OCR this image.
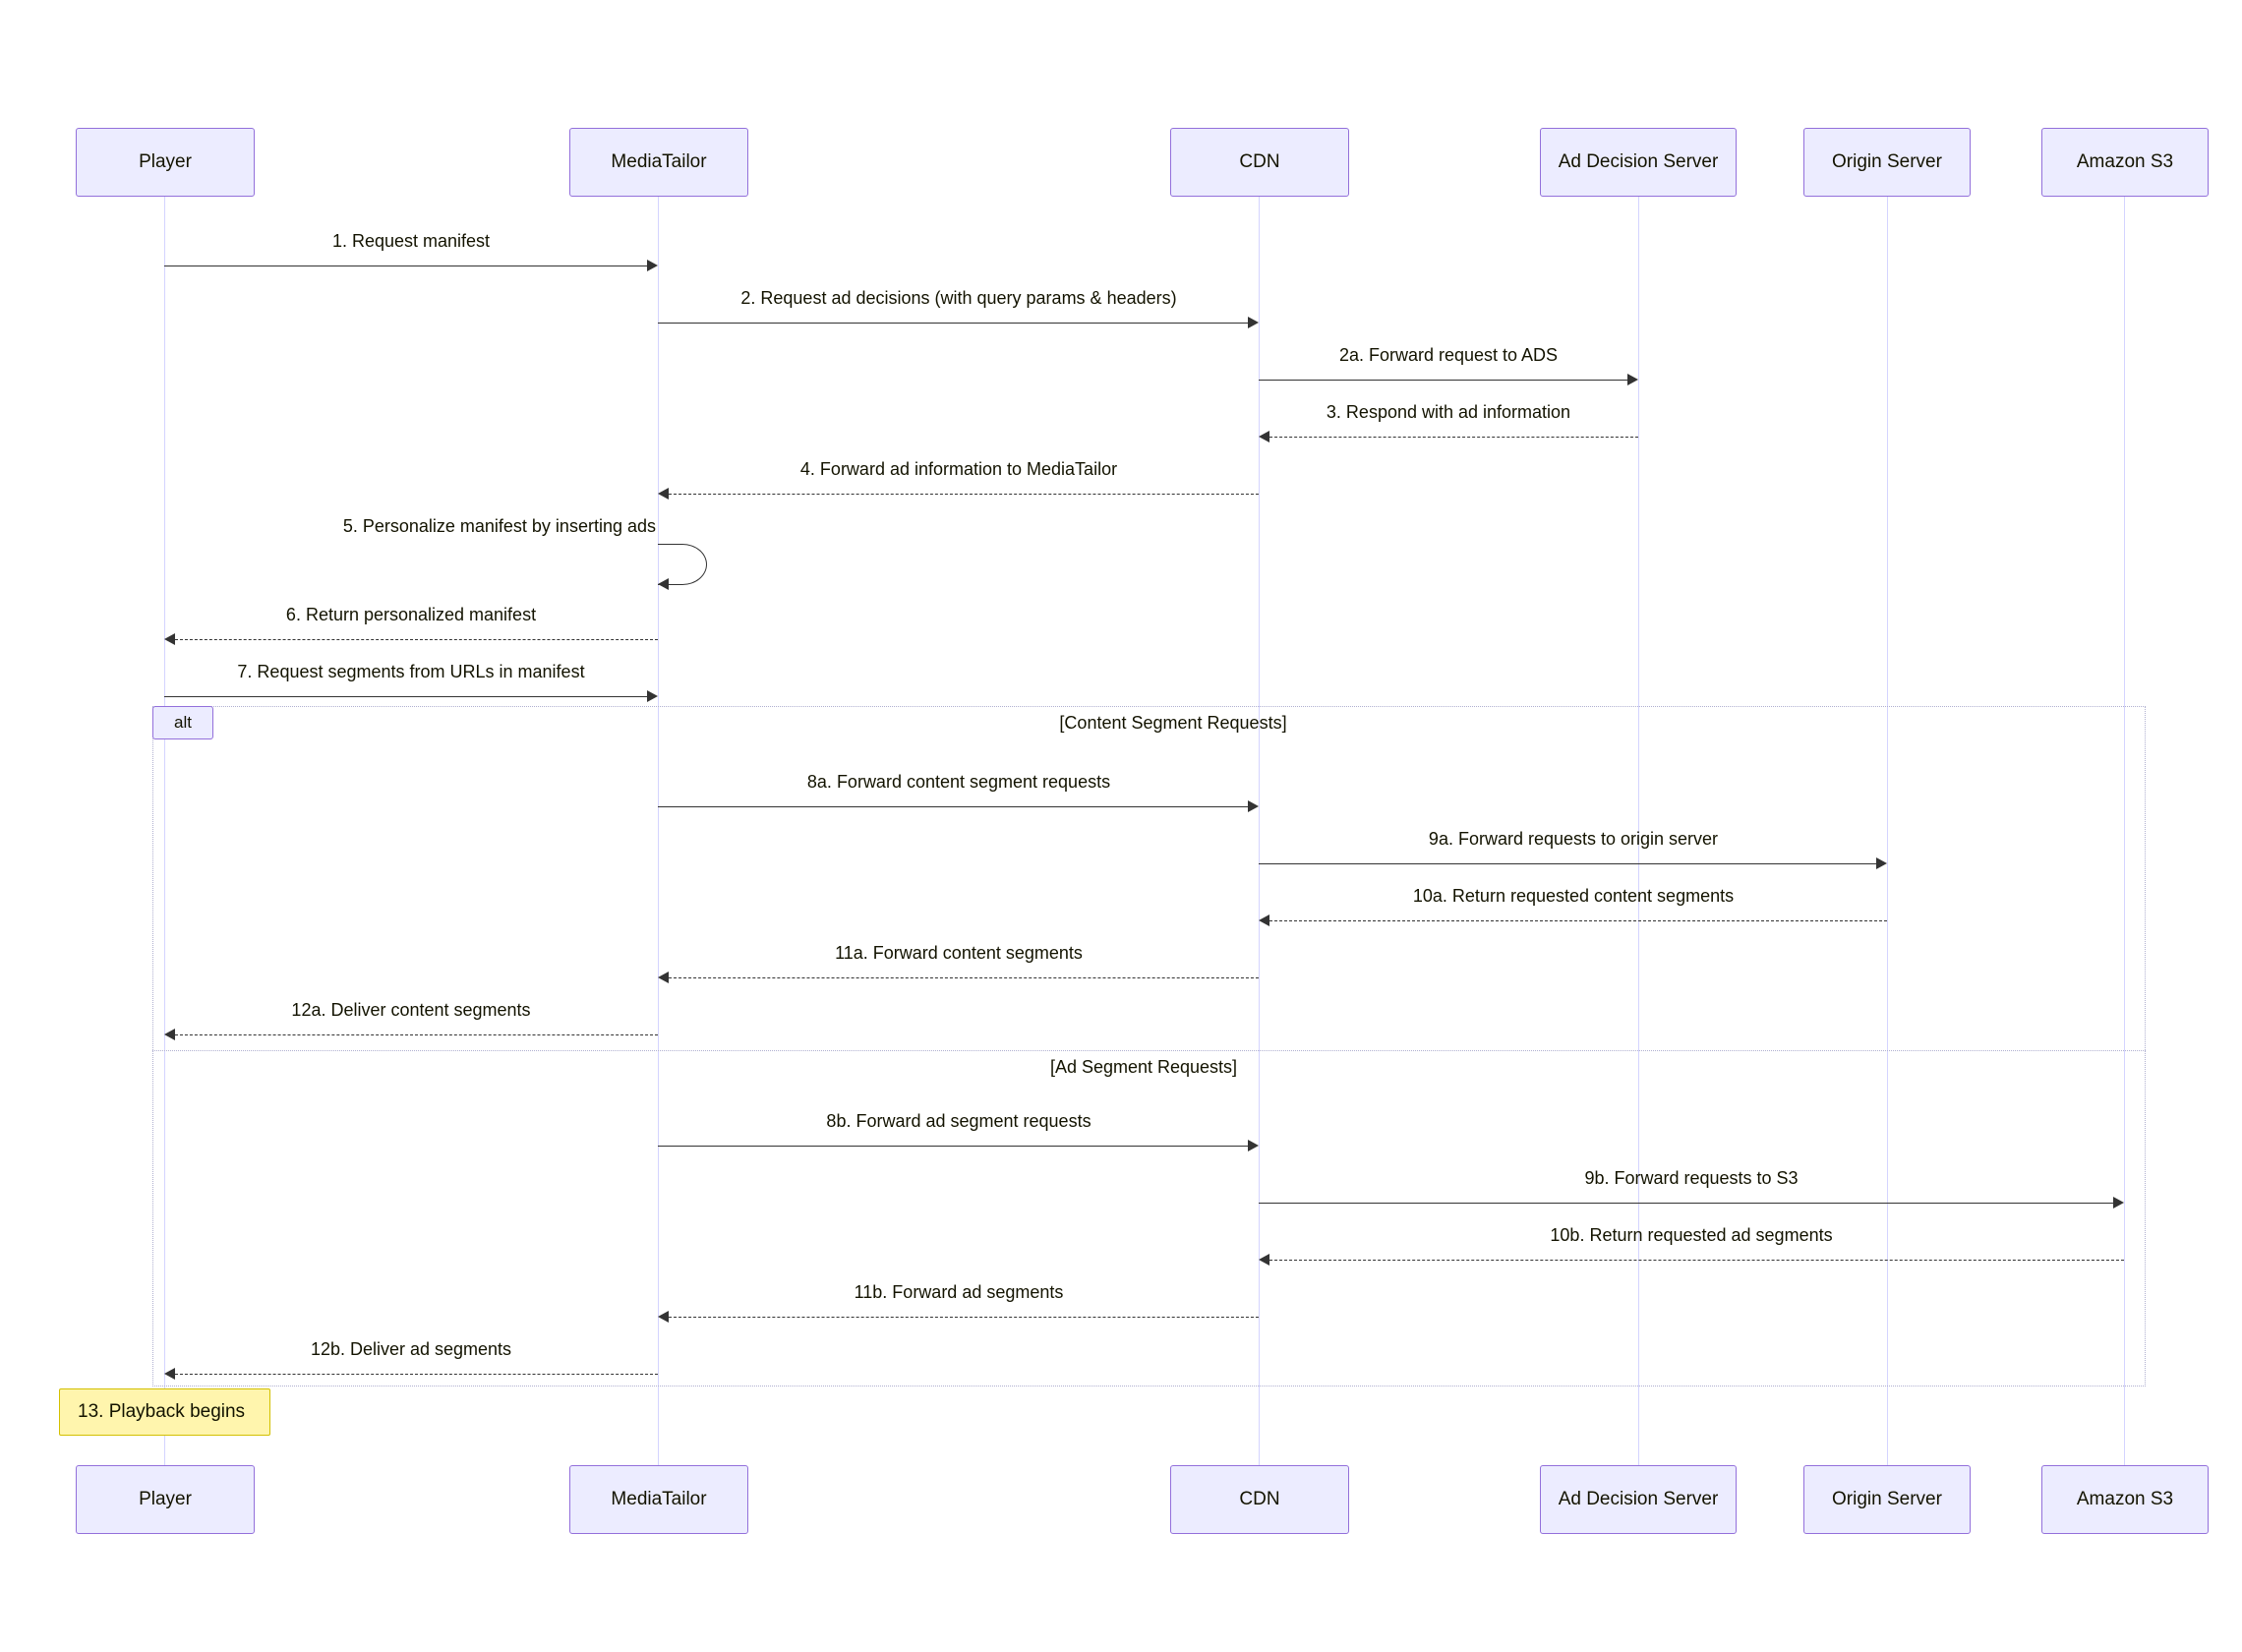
Player	MediaTailor	CDN	Ad Decision Server	Origin Server	Amazon S3
Player	MediaTailor	CDN	Ad Decision Server	Origin Server	Amazon S3
alt	[Content Segment Requests]
[Ad Segment Requests]
1. Request manifest
2. Request ad decisions (with query params & headers)
2a. Forward request to ADS
3. Respond with ad information
4. Forward ad information to MediaTailor
5. Personalize manifest by inserting ads
6. Return personalized manifest
7. Request segments from URLs in manifest
8a. Forward content segment requests
9a. Forward requests to origin server
10a. Return requested content segments
11a. Forward content segments
12a. Deliver content segments
8b. Forward ad segment requests
9b. Forward requests to S3
10b. Return requested ad segments
11b. Forward ad segments
12b. Deliver ad segments
13. Playback begins
